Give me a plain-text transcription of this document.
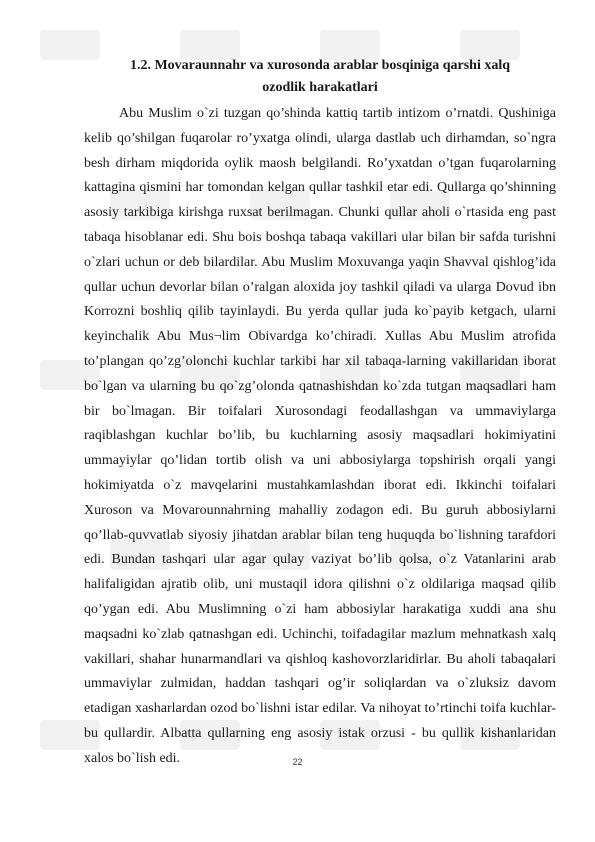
1.2. Movaraunnahr va xurosonda arablar bosqiniga qarshi xalq
ozodlik harakatlari

Abu Muslim o`zi tuzgan qo’shinda kattiq tartib intizom o’rnatdi. Qushiniga kelib qo’shilgan fuqarolar ro’yxatga olindi, ularga dastlab uch dirhamdan, so`ngra besh dirham miqdorida oylik maosh belgilandi. Ro’yxatdan o’tgan fuqarolarning kattagina qismini har tomondan kelgan qullar tashkil etar edi. Qullarga qo’shinning asosiy tarkibiga kirishga ruxsat berilmagan. Chunki qullar aholi o`rtasida eng past tabaqa hisoblanar edi. Shu bois boshqa tabaqa vakillari ular bilan bir safda turishni o`zlari uchun or deb bilardilar. Abu Muslim Moxuvanga yaqin Shavval qishlog’ida qullar uchun devorlar bilan o’ralgan aloxida joy tashkil qiladi va ularga Dovud ibn Korrozni boshliq qilib tayinlaydi. Bu yerda qullar juda ko`payib ketgach, ularni keyinchalik Abu Mus¬lim Obivardga ko’chiradi. Xullas Abu Muslim atrofida to’plangan qo’zg’olonchi kuchlar tarkibi har xil tabaqa-larning vakillaridan iborat bo`lgan va ularning bu qo`zg’olonda qatnashishdan ko`zda tutgan maqsadlari ham bir bo`lmagan. Bir toifalari Xurosondagi feodallashgan va ummaviylarga raqiblashgan kuchlar bo’lib, bu kuchlarning asosiy maqsadlari hokimiyatini ummayiylar qo’lidan tortib olish va uni abbosiylarga topshirish orqali yangi hokimiyatda o`z mavqelarini mustahkamlashdan iborat edi. Ikkinchi toifalari Xuroson va Movarounnahrning mahalliy zodagon edi. Bu guruh abbosiylarni qo’llab-quvvatlab siyosiy jihatdan arablar bilan teng huquqda bo`lishning tarafdori edi. Bundan tashqari ular agar qulay vaziyat bo’lib qolsa, o`z Vatanlarini arab halifaligidan ajratib olib, uni mustaqil idora qilishni o`z oldilariga maqsad qilib qo’ygan edi. Abu Muslimning o`zi ham abbosiylar harakatiga xuddi ana shu maqsadni ko`zlab qatnashgan edi. Uchinchi, toifadagilar mazlum mehnatkash xalq vakillari, shahar hunarmandlari va qishloq kashovorzlaridirlar. Bu aholi tabaqalari ummaviylar zulmidan, haddan tashqari og’ir soliqlardan va o`zluksiz davom etadigan xasharlardan ozod bo`lishni istar edilar. Va nihoyat to’rtinchi toifa kuchlar- bu qullardir. Albatta qullarning eng asosiy istak orzusi - bu qullik kishanlaridan xalos bo`lish edi.	22
